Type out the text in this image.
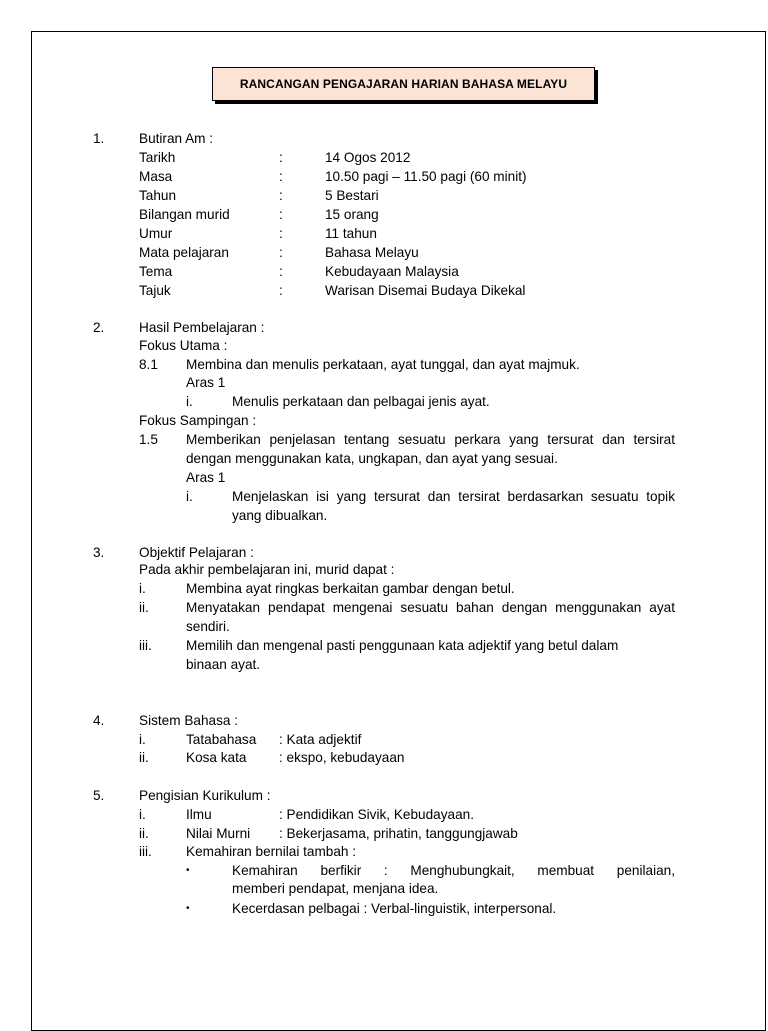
RANCANGAN PENGAJARAN HARIAN BAHASA MELAYU
1.	Butiran Am :
Tarikh	:	14 Ogos 2012
Masa	:	10.50 pagi – 11.50 pagi (60 minit)
Tahun	:	5 Bestari
Bilangan murid	:	15 orang
Umur	:	11 tahun
Mata pelajaran	:	Bahasa Melayu
Tema	:	Kebudayaan Malaysia
Tajuk	:	Warisan Disemai Budaya Dikekal
2.	Hasil Pembelajaran :
Fokus Utama :
8.1 Membina dan menulis perkataan, ayat tunggal, dan ayat majmuk.
Aras 1
i.	Menulis perkataan dan pelbagai jenis ayat.
Fokus Sampingan :
1.5 Memberikan penjelasan tentang sesuatu perkara yang tersurat dan tersirat
dengan menggunakan kata, ungkapan, dan ayat yang sesuai.
Aras 1
i.	Menjelaskan isi yang tersurat dan tersirat berdasarkan sesuatu topik
yang dibualkan.
3.	Objektif Pelajaran :
Pada akhir pembelajaran ini, murid dapat :
i.	Membina ayat ringkas berkaitan gambar dengan betul.
ii.	Menyatakan pendapat mengenai sesuatu bahan dengan menggunakan ayat
sendiri.
iii.	Memilih dan mengenal pasti penggunaan kata adjektif yang betul dalam
binaan ayat.
4.	Sistem Bahasa :
i.	Tatabahasa : Kata adjektif
ii.	Kosa kata : ekspo, kebudayaan
5.	Pengisian Kurikulum :
i.	Ilmu	: Pendidikan Sivik, Kebudayaan.
ii.	Nilai Murni : Bekerjasama, prihatin, tanggungjawab
iii.	Kemahiran bernilai tambah :
•	Kemahiran berfikir : Menghubungkait, membuat penilaian,
memberi pendapat, menjana idea.
•	Kecerdasan pelbagai : Verbal-linguistik, interpersonal.
